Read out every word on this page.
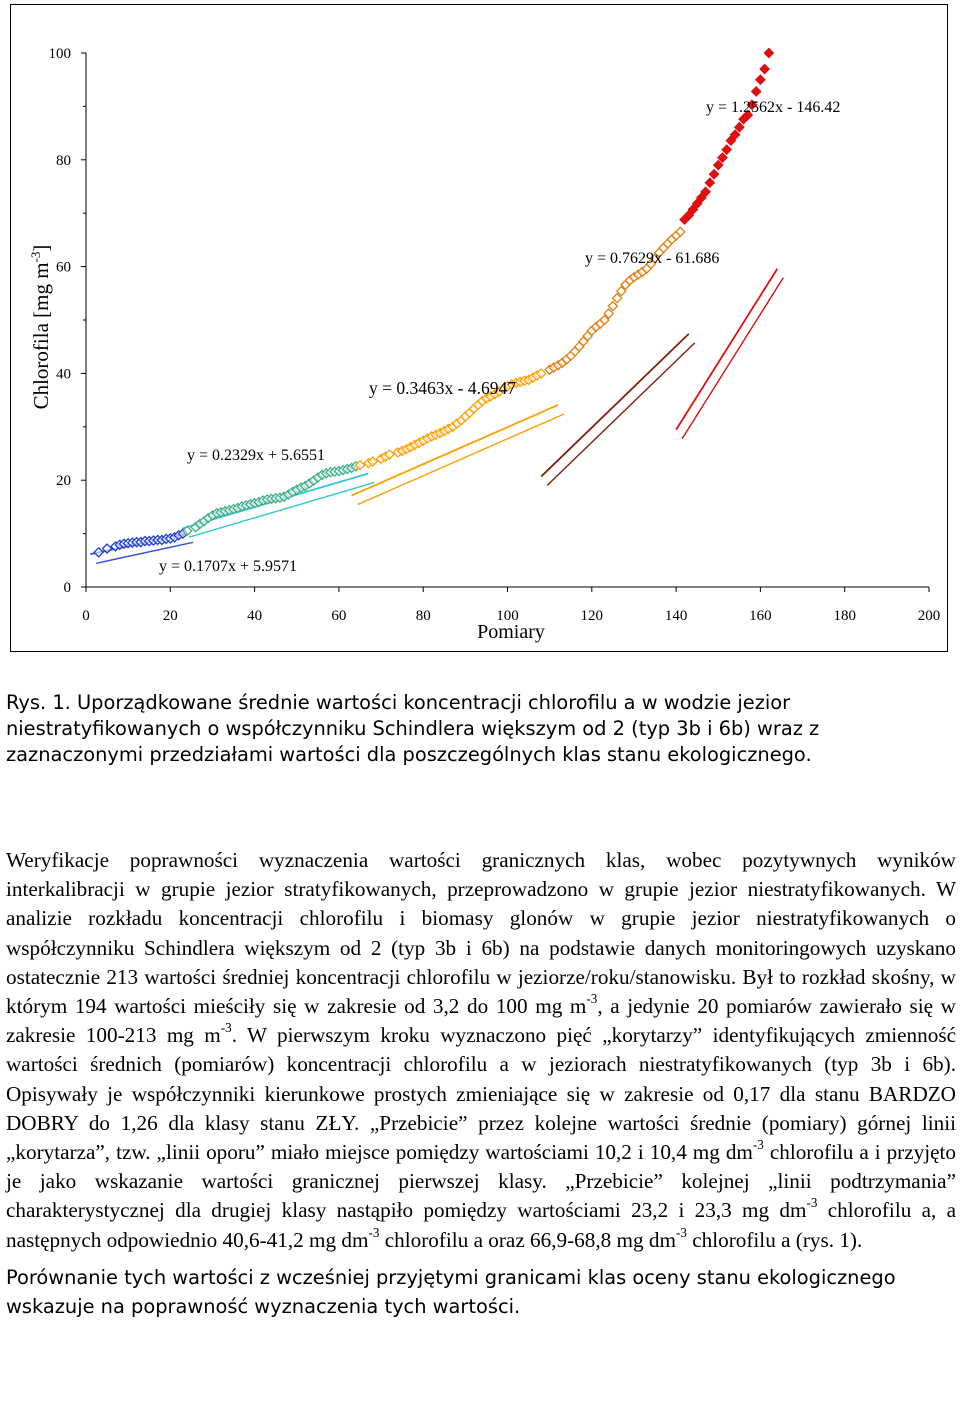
0
20
40
60
80
100
0	20	40	60	80	100	120	140	160	180	200
Pomiary
Chlorofila [mg $m^{-3}$]
y = 0.1707x + 5.9571
y = 0.2329x + 5.6551
y = 0.3463x - 4.6947
y = 0.7629x - 61.686
y = 1.2562x - 146.42

Rys. 1. Uporządkowane średnie wartości koncentracji chlorofilu a w wodzie jezior niestratyfikowanych o współczynniku Schindlera większym od 2 (typ 3b i 6b) wraz z zaznaczonymi przedziałami wartości dla poszczególnych klas stanu ekologicznego.

Weryfikacje poprawności wyznaczenia wartości granicznych klas, wobec pozytywnych wyników interkalibracji w grupie jezior stratyfikowanych, przeprowadzono w grupie jezior niestratyfikowanych. W analizie rozkładu koncentracji chlorofilu i biomasy glonów w grupie jezior niestratyfikowanych o współczynniku Schindlera większym od 2 (typ 3b i 6b) na podstawie danych monitoringowych uzyskano ostatecznie 213 wartości średniej koncentracji chlorofilu w jeziorze/roku/stanowisku. Był to rozkład skośny, w którym 194 wartości mieściły się w zakresie od 3,2 do 100 mg $m^{-3}$, a jedynie 20 pomiarów zawierało się w zakresie 100-213 mg $m^{-3}$. W pierwszym kroku wyznaczono pięć „korytarzy” identyfikujących zmienność wartości średnich (pomiarów) koncentracji chlorofilu a w jeziorach niestratyfikowanych (typ 3b i 6b). Opisywały je współczynniki kierunkowe prostych zmieniające się w zakresie od 0,17 dla stanu BARDZO DOBRY do 1,26 dla klasy stanu ZŁY. „Przebicie” przez kolejne wartości średnie (pomiary) górnej linii „korytarza”, tzw. „linii oporu” miało miejsce pomiędzy wartościami 10,2 i 10,4 mg $dm^{-3}$ chlorofilu a i przyjęto je jako wskazanie wartości granicznej pierwszej klasy. „Przebicie” kolejnej „linii podtrzymania” charakterystycznej dla drugiej klasy nastąpiło pomiędzy wartościami 23,2 i 23,3 mg $dm^{-3}$ chlorofilu a, a następnych odpowiednio 40,6-41,2 mg $dm^{-3}$ chlorofilu a oraz 66,9-68,8 mg $dm^{-3}$ chlorofilu a (rys. 1).

Porównanie tych wartości z wcześniej przyjętymi granicami klas oceny stanu ekologicznego wskazuje na poprawność wyznaczenia tych wartości.
